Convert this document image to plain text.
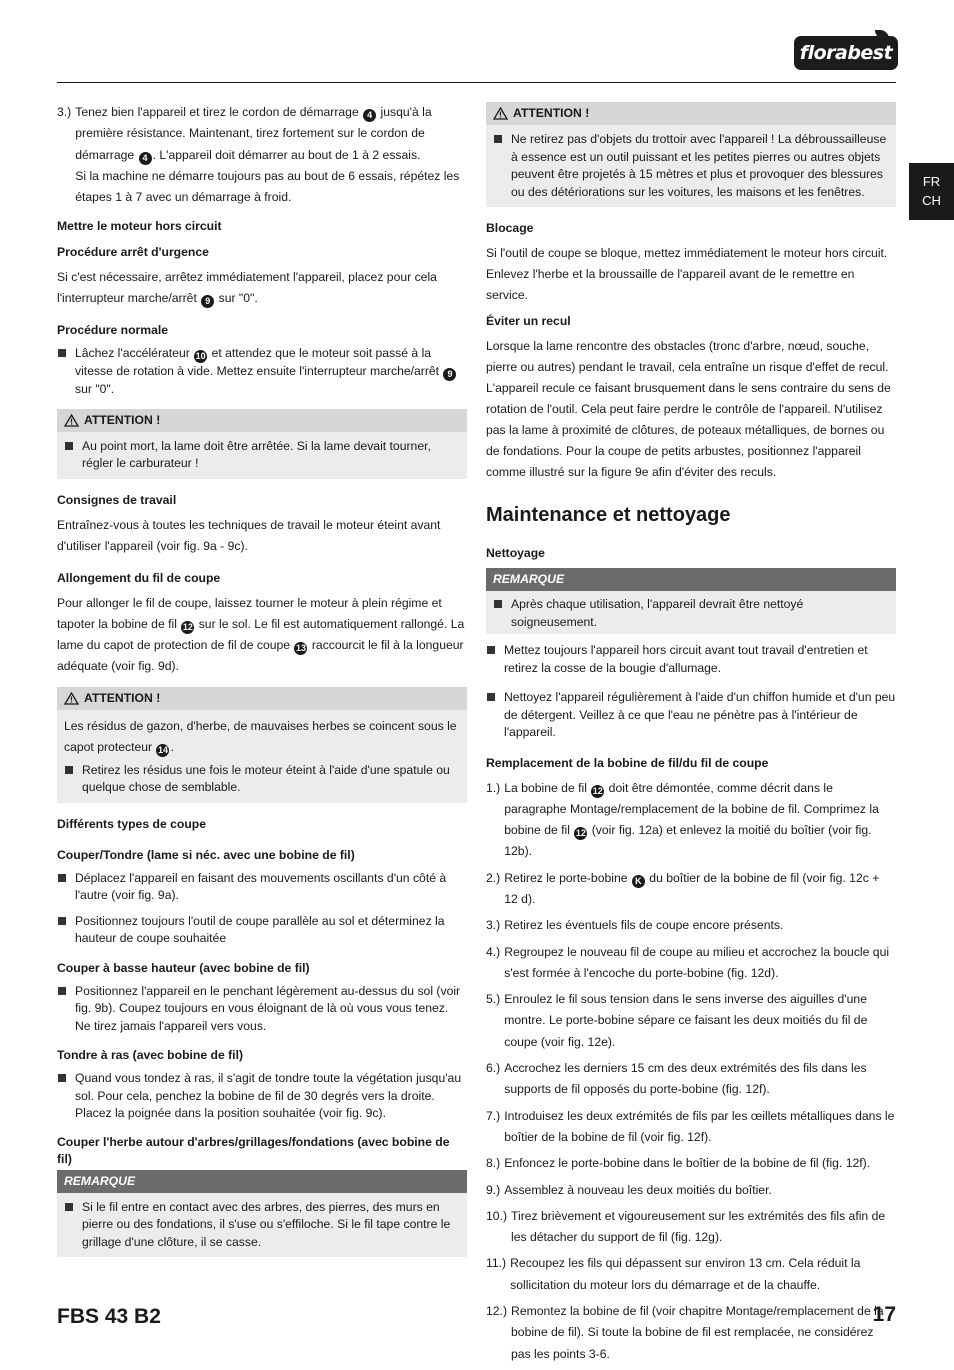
florabest
FR
CH
3.) Tenez bien l'appareil et tirez le cordon de démarrage 4 jusqu'à la première résistance. Maintenant, tirez fortement sur le cordon de démarrage 4 . L'appareil doit démarrer au bout de 1 à 2 essais.
Si la machine ne démarre toujours pas au bout de 6 essais, répétez les étapes 1 à 7 avec un démarrage à froid.

Mettre le moteur hors circuit

Procédure arrêt d'urgence

Si c'est nécessaire, arrêtez immédiatement l'appareil, placez pour cela l'interrupteur marche/arrêt 9 sur "0".

Procédure normale

Lâchez l'accélérateur 10 et attendez que le moteur soit passé à la vitesse de rotation à vide. Mettez ensuite l'interrupteur marche/arrêt 9 sur "0".
ATTENTION !
Au point mort, la lame doit être arrêtée. Si la lame devait tourner, régler le carburateur !

Consignes de travail

Entraînez-vous à toutes les techniques de travail le moteur éteint avant d'utiliser l'appareil (voir fig. 9a - 9c).

Allongement du fil de coupe

Pour allonger le fil de coupe, laissez tourner le moteur à plein régime et tapoter la bobine de fil 12 sur le sol. Le fil est automatiquement rallongé. La lame du capot de protection de fil de coupe 13 raccourcit le fil à la longueur adéquate (voir fig. 9d).

ATTENTION !

Les résidus de gazon, d'herbe, de mauvaises herbes se coincent sous le capot protecteur 14 .

Retirez les résidus une fois le moteur éteint à l'aide d'une spatule ou quelque chose de semblable.

Différents types de coupe

Couper/Tondre (lame si néc. avec une bobine de fil)

Déplacez l'appareil en faisant des mouvements oscillants d'un côté à l'autre (voir fig. 9a).
Positionnez toujours l'outil de coupe parallèle au sol et déterminez la hauteur de coupe souhaitée

Couper à basse hauteur (avec bobine de fil)

Positionnez l'appareil en le penchant légèrement au-dessus du sol (voir fig. 9b). Coupez toujours en vous éloignant de là où vous vous tenez. Ne tirez jamais l'appareil vers vous.

Tondre à ras (avec bobine de fil)

Quand vous tondez à ras, il s'agit de tondre toute la végétation jusqu'au sol. Pour cela, penchez la bobine de fil de 30 degrés vers la droite. Placez la poignée dans la position souhaitée (voir fig. 9c).

Couper l'herbe autour d'arbres/grillages/fondations (avec bobine de fil)

REMARQUE
Si le fil entre en contact avec des arbres, des pierres, des murs en pierre ou des fondations, il s'use ou s'effiloche. Si le fil tape contre le grillage d'une clôture, il se casse.
ATTENTION !
Ne retirez pas d'objets du trottoir avec l'appareil ! La débroussailleuse à essence est un outil puissant et les petites pierres ou autres objets peuvent être projetés à 15 mètres et plus et provoquer des blessures ou des détériorations sur les voitures, les maisons et les fenêtres.

Blocage

Si l'outil de coupe se bloque, mettez immédiatement le moteur hors circuit. Enlevez l'herbe et la broussaille de l'appareil avant de le remettre en service.

Éviter un recul

Lorsque la lame rencontre des obstacles (tronc d'arbre, nœud, souche, pierre ou autres) pendant le travail, cela entraîne un risque d'effet de recul. L'appareil recule ce faisant brusquement dans le sens contraire du sens de rotation de l'outil. Cela peut faire perdre le contrôle de l'appareil. N'utilisez pas la lame à proximité de clôtures, de poteaux métalliques, de bornes ou de fondations. Pour la coupe de petits arbustes, positionnez l'appareil comme illustré sur la figure 9e afin d'éviter des reculs.

Maintenance et nettoyage

Nettoyage

REMARQUE
Après chaque utilisation, l'appareil devrait être nettoyé soigneusement.
Mettez toujours l'appareil hors circuit avant tout travail d'entretien et retirez la cosse de la bougie d'allumage.
Nettoyez l'appareil régulièrement à l'aide d'un chiffon humide et d'un peu de détergent. Veillez à ce que l'eau ne pénètre pas à l'intérieur de l'appareil.

Remplacement de la bobine de fil/du fil de coupe

1.) La bobine de fil 12 doit être démontée, comme décrit dans le paragraphe Montage/remplacement de la bobine de fil. Comprimez la bobine de fil 12 (voir fig. 12a) et enlevez la moitié du boîtier (voir fig. 12b).
2.) Retirez le porte-bobine K du boîtier de la bobine de fil (voir fig. 12c + 12 d).
3.) Retirez les éventuels fils de coupe encore présents.
4.) Regroupez le nouveau fil de coupe au milieu et accrochez la boucle qui s'est formée à l'encoche du porte-bobine (fig. 12d).
5.) Enroulez le fil sous tension dans le sens inverse des aiguilles d'une montre. Le porte-bobine sépare ce faisant les deux moitiés du fil de coupe (voir fig. 12e).
6.) Accrochez les derniers 15 cm des deux extrémités des fils dans les supports de fil opposés du porte-bobine (fig. 12f).
7.) Introduisez les deux extrémités de fils par les œillets métalliques dans le boîtier de la bobine de fil (voir fig. 12f).
8.) Enfoncez le porte-bobine dans le boîtier de la bobine de fil (fig. 12f).
9.) Assemblez à nouveau les deux moitiés du boîtier.
10.) Tirez brièvement et vigoureusement sur les extrémités des fils afin de les détacher du support de fil (fig. 12g).
11.) Recoupez les fils qui dépassent sur environ 13 cm. Cela réduit la sollicitation du moteur lors du démarrage et de la chauffe.
12.) Remontez la bobine de fil (voir chapitre Montage/remplacement de la bobine de fil). Si toute la bobine de fil est remplacée, ne considérez pas les points 3-6.
FBS 43 B2	17
